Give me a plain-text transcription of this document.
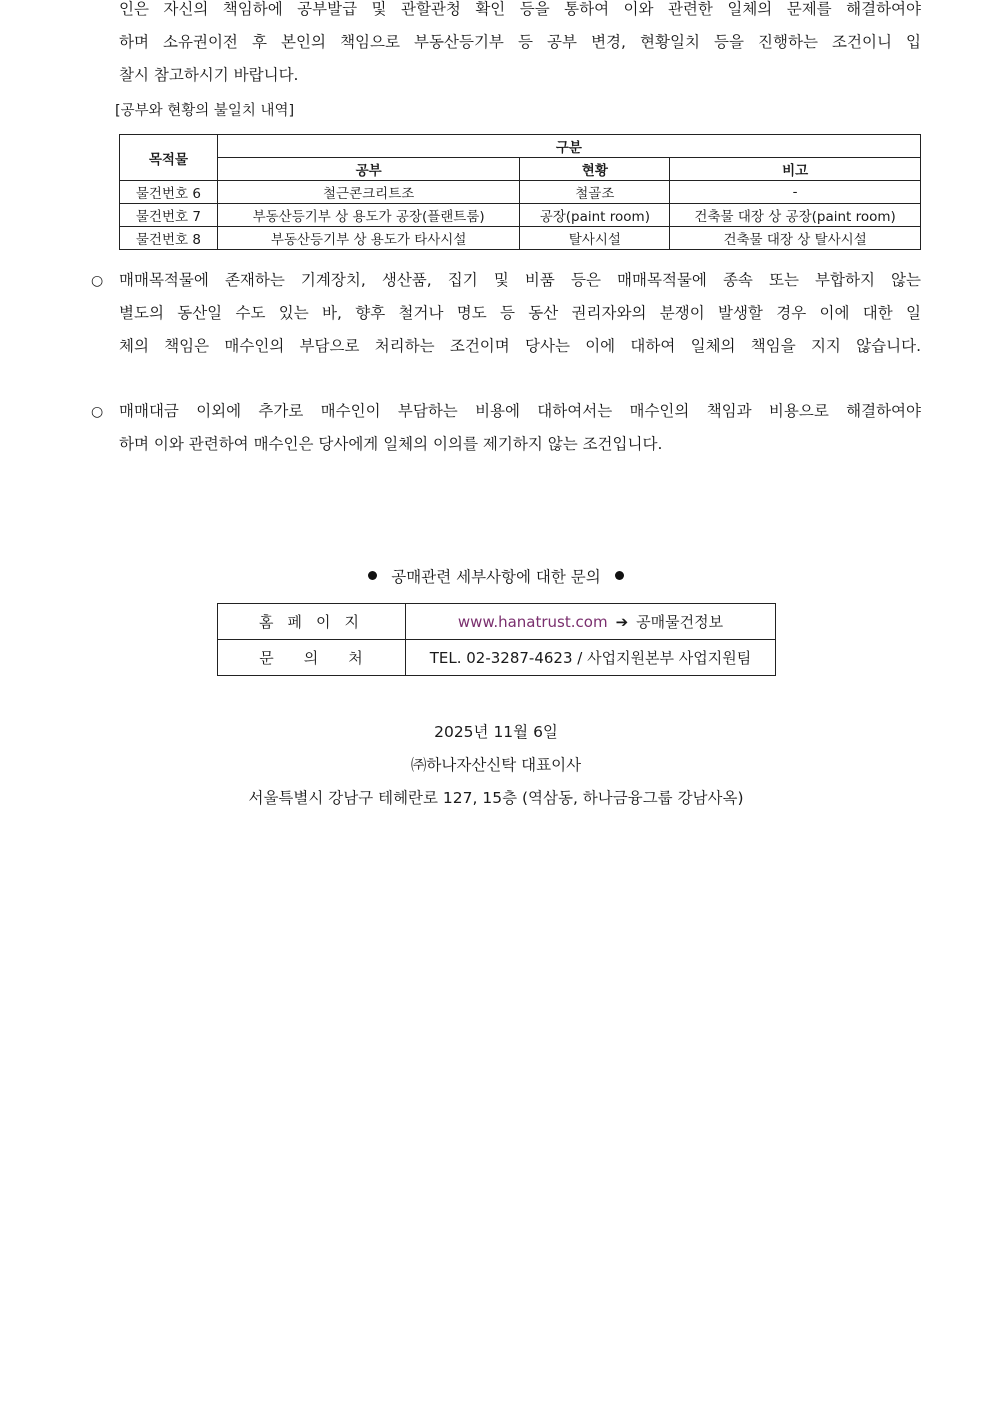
인은 자신의 책임하에 공부발급 및 관할관청 확인 등을 통하여 이와 관련한 일체의 문제를 해결하여야
하며 소유권이전 후 본인의 책임으로 부동산등기부 등 공부 변경, 현황일치 등을 진행하는 조건이니 입
찰시 참고하시기 바랍니다.
[공부와 현황의 불일치 내역]
목적물	구분		
	공부	현황	비고
물건번호 6	철근콘크리트조	철골조	-
물건번호 7	부동산등기부 상 용도가 공장(플랜트룸)	공장(paint room)	건축물 대장 상 공장(paint room)
물건번호 8	부동산등기부 상 용도가 타사시설	탈사시설	건축물 대장 상 탈사시설
○ 매매목적물에 존재하는 기계장치, 생산품, 집기 및 비품 등은 매매목적물에 종속 또는 부합하지 않는
별도의 동산일 수도 있는 바, 향후 철거나 명도 등 동산 권리자와의 분쟁이 발생할 경우 이에 대한 일
체의 책임은 매수인의 부담으로 처리하는 조건이며 당사는 이에 대하여 일체의 책임을 지지 않습니다.
○ 매매대금 이외에 추가로 매수인이 부담하는 비용에 대하여서는 매수인의 책임과 비용으로 해결하여야
하며 이와 관련하여 매수인은 당사에게 일체의 이의를 제기하지 않는 조건입니다.
공매관련 세부사항에 대한 문의
홈페이지	www.hanatrust.com ➔ 공매물건정보
문의처	TEL. 02-3287-4623 / 사업지원본부 사업지원팀
2025년 11월 6일
㈜하나자산신탁 대표이사
서울특별시 강남구 테헤란로 127, 15층 (역삼동, 하나금융그룹 강남사옥)
